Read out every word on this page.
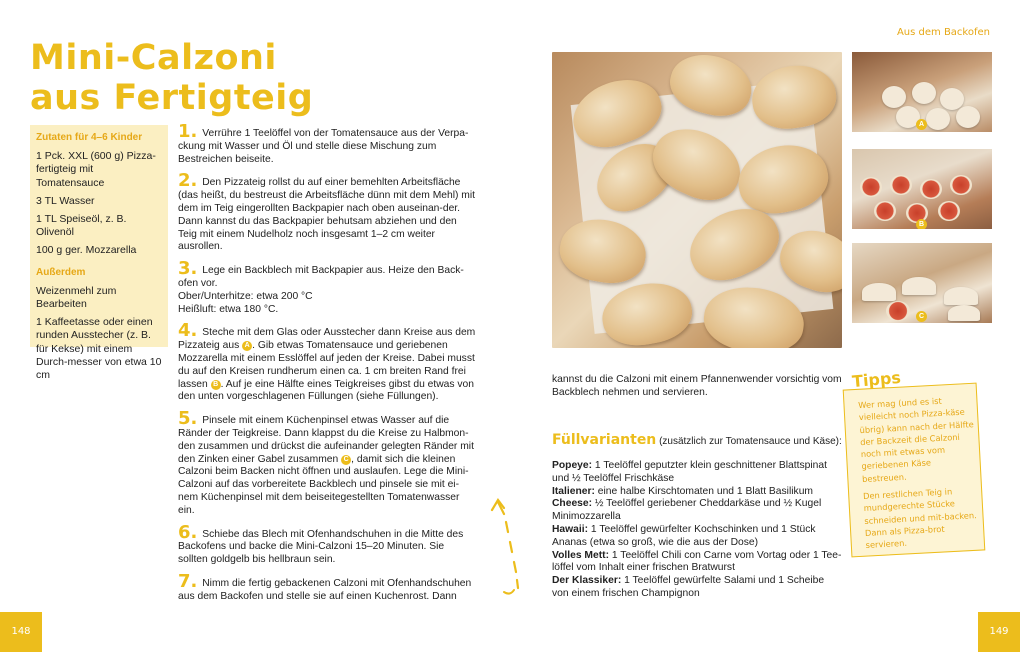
Aus dem Backofen
Mini-Calzoni
aus Fertigteig
Zutaten für 4–6 Kinder
1 Pck. XXL (600 g) Pizza-fertigteig mit Tomatensauce
3 TL Wasser
1 TL Speiseöl, z. B. Olivenöl
100 g ger. Mozzarella
Außerdem
Weizenmehl zum Bearbeiten
1 Kaffeetasse oder einen runden Ausstecher (z. B. für Kekse) mit einem Durch-messer von etwa 10 cm
1. Verrühre 1 Teelöffel von der Tomatensauce aus der Verpa-ckung mit Wasser und Öl und stelle diese Mischung zum Bestreichen beiseite.
2. Den Pizzateig rollst du auf einer bemehlten Arbeitsfläche (das heißt, du bestreust die Arbeitsfläche dünn mit dem Mehl) mit dem im Teig eingerollten Backpapier nach oben auseinan-der. Dann kannst du das Backpapier behutsam abziehen und den Teig mit einem Nudelholz noch insgesamt 1–2 cm weiter ausrollen.
3. Lege ein Backblech mit Backpapier aus. Heize den Back-ofen vor.
Ober/Unterhitze: etwa 200 °C
Heißluft: etwa 180 °C.
4. Steche mit dem Glas oder Ausstecher dann Kreise aus dem Pizzateig aus A . Gib etwas Tomatensauce und geriebenen Mozzarella mit einem Esslöffel auf jeden der Kreise. Dabei musst du auf den Kreisen rundherum einen ca. 1 cm breiten Rand frei lassen B . Auf je eine Hälfte eines Teigkreises gibst du etwas von den unten vorgeschlagenen Füllungen (siehe Füllungen).
5. Pinsele mit einem Küchenpinsel etwas Wasser auf die Ränder der Teigkreise. Dann klappst du die Kreise zu Halbmon-den zusammen und drückst die aufeinander gelegten Ränder mit den Zinken einer Gabel zusammen C , damit sich die kleinen Calzoni beim Backen nicht öffnen und auslaufen. Lege die Mini-Calzoni auf das vorbereitete Backblech und pinsele sie mit ei-nem Küchenpinsel mit dem beiseitegestellten Tomatenwasser ein.
6. Schiebe das Blech mit Ofenhandschuhen in die Mitte des Backofens und backe die Mini-Calzoni 15–20 Minuten. Sie sollten goldgelb bis hellbraun sein.
7. Nimm die fertig gebackenen Calzoni mit Ofenhandschuhen aus dem Backofen und stelle sie auf einen Kuchenrost. Dann
A
B
C
kannst du die Calzoni mit einem Pfannenwender vorsichtig vom Backblech nehmen und servieren.
Füllvarianten (zusätzlich zur Tomatensauce und Käse):
Popeye: 1 Teelöffel geputzter klein geschnittener Blattspinat und ½ Teelöffel Frischkäse
Italiener: eine halbe Kirschtomaten und 1 Blatt Basilikum
Cheese: ½ Teelöffel geriebener Cheddarkäse und ½ Kugel Minimozzarella
Hawaii: 1 Teelöffel gewürfelter Kochschinken und 1 Stück Ananas (etwa so groß, wie die aus der Dose)
Volles Mett: 1 Teelöffel Chili con Carne vom Vortag oder 1 Tee-löffel vom Inhalt einer frischen Bratwurst
Der Klassiker: 1 Teelöffel gewürfelte Salami und 1 Scheibe von einem frischen Champignon
Tipps

Wer mag (und es ist vielleicht noch Pizza-käse übrig) kann nach der Hälfte der Backzeit die Calzoni noch mit etwas vom geriebenen Käse bestreuen.

Den restlichen Teig in mundgerechte Stücke schneiden und mit-backen. Dann als Pizza-brot servieren.

148	149
